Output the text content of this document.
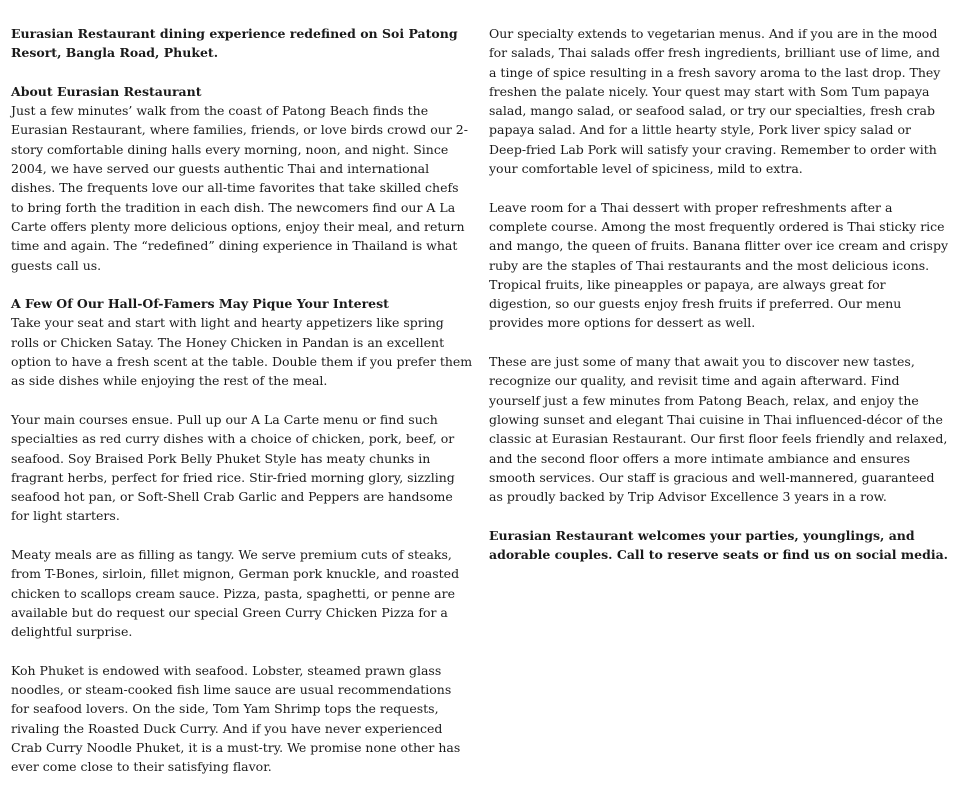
Eurasian Restaurant dining experience redefined on Soi Patong Resort, Bangla Road, Phuket.

About Eurasian Restaurant
Just a few minutes’ walk from the coast of Patong Beach finds the Eurasian Restaurant, where families, friends, or love birds crowd our 2-story comfortable dining halls every morning, noon, and night. Since 2004, we have served our guests authentic Thai and international dishes. The frequents love our all-time favorites that take skilled chefs to bring forth the tradition in each dish. The newcomers find our A La Carte offers plenty more delicious options, enjoy their meal, and return time and again. The “redefined” dining experience in Thailand is what guests call us.

A Few Of Our Hall-Of-Famers May Pique Your Interest
Take your seat and start with light and hearty appetizers like spring rolls or Chicken Satay. The Honey Chicken in Pandan is an excellent option to have a fresh scent at the table. Double them if you prefer them as side dishes while enjoying the rest of the meal.

Your main courses ensue. Pull up our A La Carte menu or find such specialties as red curry dishes with a choice of chicken, pork, beef, or seafood. Soy Braised Pork Belly Phuket Style has meaty chunks in fragrant herbs, perfect for fried rice. Stir-fried morning glory, sizzling seafood hot pan, or Soft-Shell Crab Garlic and Peppers are handsome for light starters.

Meaty meals are as filling as tangy. We serve premium cuts of steaks, from T-Bones, sirloin, fillet mignon, German pork knuckle, and roasted chicken to scallops cream sauce. Pizza, pasta, spaghetti, or penne are available but do request our special Green Curry Chicken Pizza for a delightful surprise.

Koh Phuket is endowed with seafood. Lobster, steamed prawn glass noodles, or steam-cooked fish lime sauce are usual recommendations for seafood lovers. On the side, Tom Yam Shrimp tops the requests, rivaling the Roasted Duck Curry. And if you have never experienced Crab Curry Noodle Phuket, it is a must-try. We promise none other has ever come close to their satisfying flavor.

Our specialty extends to vegetarian menus. And if you are in the mood for salads, Thai salads offer fresh ingredients, brilliant use of lime, and a tinge of spice resulting in a fresh savory aroma to the last drop. They freshen the palate nicely. Your quest may start with Som Tum papaya salad, mango salad, or seafood salad, or try our specialties, fresh crab papaya salad. And for a little hearty style, Pork liver spicy salad or Deep-fried Lab Pork will satisfy your craving. Remember to order with your comfortable level of spiciness, mild to extra.

Leave room for a Thai dessert with proper refreshments after a complete course. Among the most frequently ordered is Thai sticky rice and mango, the queen of fruits. Banana flitter over ice cream and crispy ruby are the staples of Thai restaurants and the most delicious icons. Tropical fruits, like pineapples or papaya, are always great for digestion, so our guests enjoy fresh fruits if preferred. Our menu provides more options for dessert as well.

These are just some of many that await you to discover new tastes, recognize our quality, and revisit time and again afterward. Find yourself just a few minutes from Patong Beach, relax, and enjoy the glowing sunset and elegant Thai cuisine in Thai influenced-décor of the classic at Eurasian Restaurant. Our first floor feels friendly and relaxed, and the second floor offers a more intimate ambiance and ensures smooth services. Our staff is gracious and well-mannered, guaranteed as proudly backed by Trip Advisor Excellence 3 years in a row.

Eurasian Restaurant welcomes your parties, younglings, and adorable couples. Call to reserve seats or find us on social media.
